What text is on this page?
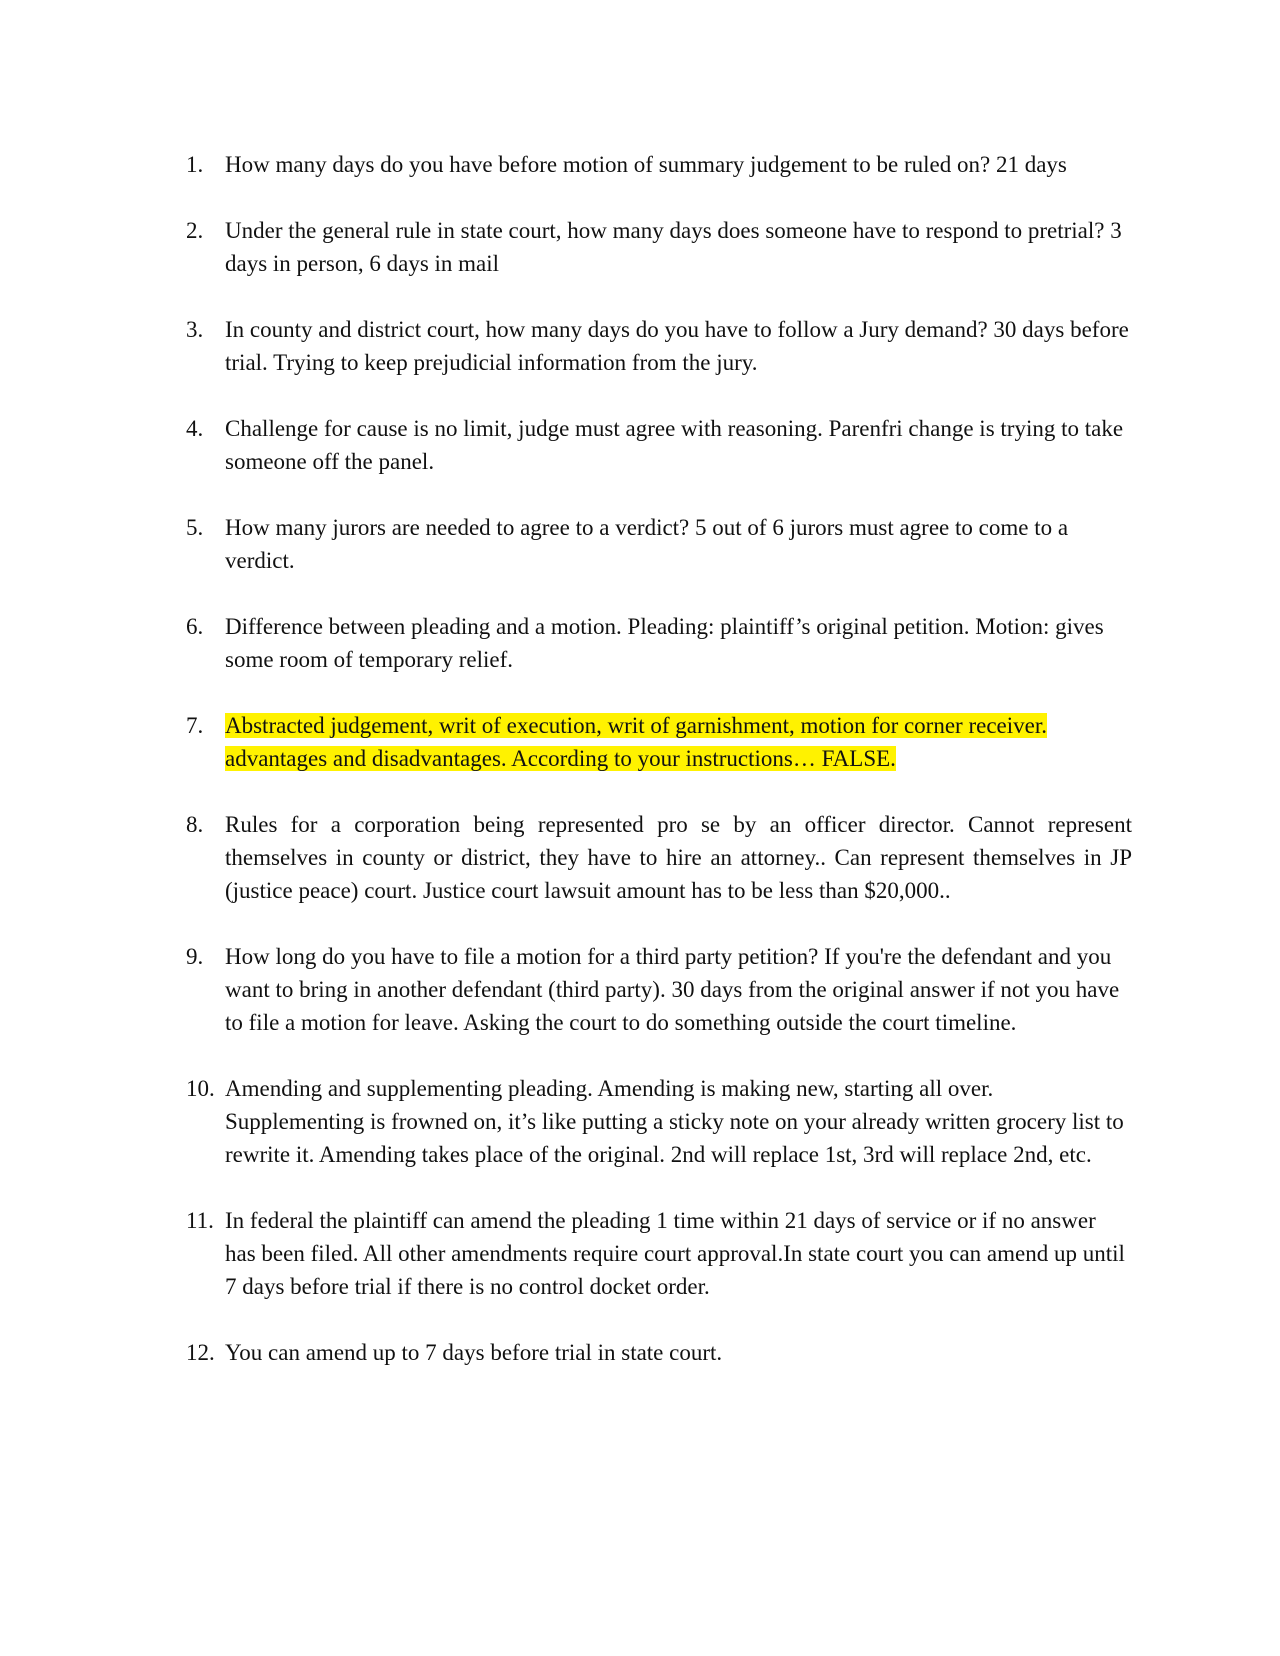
1. How many days do you have before motion of summary judgement to be ruled on? 21 days
2. Under the general rule in state court, how many days does someone have to respond to pretrial? 3 days in person, 6 days in mail
3. In county and district court, how many days do you have to follow a Jury demand? 30 days before trial. Trying to keep prejudicial information from the jury.
4. Challenge for cause is no limit, judge must agree with reasoning. Parenfri change is trying to take someone off the panel.
5. How many jurors are needed to agree to a verdict? 5 out of 6 jurors must agree to come to a verdict.
6. Difference between pleading and a motion. Pleading: plaintiff’s original petition. Motion: gives some room of temporary relief.
7. Abstracted judgement, writ of execution, writ of garnishment, motion for corner receiver. advantages and disadvantages. According to your instructions… FALSE.
8. Rules for a corporation being represented pro se by an officer director. Cannot represent themselves in county or district, they have to hire an attorney.. Can represent themselves in JP (justice peace) court. Justice court lawsuit amount has to be less than $20,000..
9. How long do you have to file a motion for a third party petition? If you're the defendant and you want to bring in another defendant (third party). 30 days from the original answer if not you have to file a motion for leave. Asking the court to do something outside the court timeline.
10. Amending and supplementing pleading. Amending is making new, starting all over. Supplementing is frowned on, it’s like putting a sticky note on your already written grocery list to rewrite it. Amending takes place of the original. 2nd will replace 1st, 3rd will replace 2nd, etc.
11. In federal the plaintiff can amend the pleading 1 time within 21 days of service or if no answer has been filed. All other amendments require court approval.In state court you can amend up until 7 days before trial if there is no control docket order.
12. You can amend up to 7 days before trial in state court.
